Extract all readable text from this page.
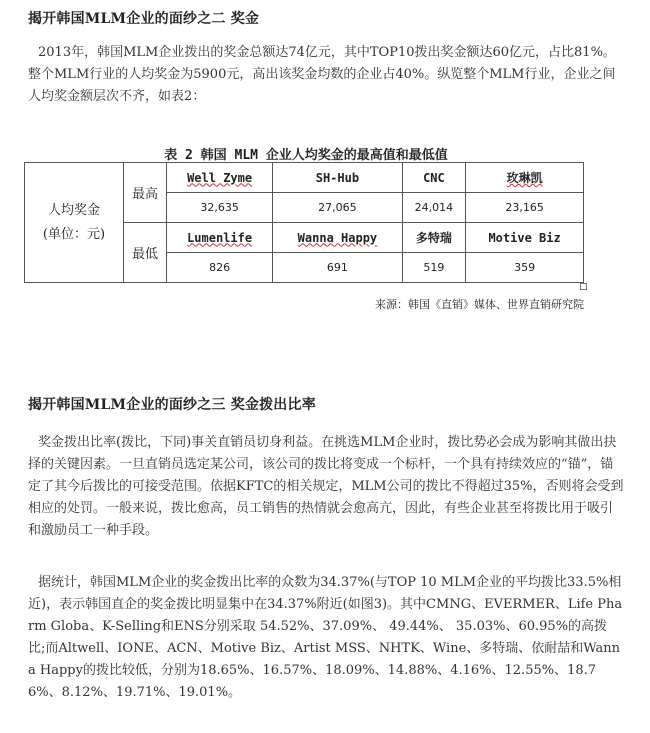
揭开韩国MLM企业的面纱之二 奖金
2013年，韩国MLM企业拨出的奖金总额达74亿元，其中TOP10拨出奖金额达60亿元，占比81%。整个MLM行业的人均奖金为5900元，高出该奖金均数的企业占40%。纵览整个MLM行业，企业之间人均奖金额层次不齐，如表2：
表 2 韩国 MLM 企业人均奖金的最高值和最低值
人均奖金
(单位：元)	最高	Well Zyme	SH-Hub	CNC	玫琳凯
		32,635	27,065	24,014	23,165
	最低	Lumenlife	Wanna Happy	多特瑞	Motive Biz
		826	691	519	359
来源：韩国《直销》媒体、世界直销研究院
揭开韩国MLM企业的面纱之三 奖金拨出比率
奖金拨出比率(拨比，下同)事关直销员切身利益。在挑选MLM企业时，拨比势必会成为影响其做出抉择的关键因素。一旦直销员选定某公司，该公司的拨比将变成一个标杆，一个具有持续效应的“锚”，锚定了其今后拨比的可接受范围。依据KFTC的相关规定，MLM公司的拨比不得超过35%，否则将会受到相应的处罚。一般来说，拨比愈高，员工销售的热情就会愈高亢，因此，有些企业甚至将拨比用于吸引和激励员工一种手段。
据统计，韩国MLM企业的奖金拨出比率的众数为34.37%(与TOP 10 MLM企业的平均拨比33.5%相近)，表示韩国直企的奖金拨比明显集中在34.37%附近(如图3)。其中CMNG、EVERMER、Life Pharm Globa、K-Selling和ENS分别采取 54.52%、37.09%、 49.44%、 35.03%、60.95%的高拨比;而Altwell、IONE、ACN、Motive Biz、Artist MSS、NHTK、Wine、多特瑞、依耐喆和Wanna Happy的拨比较低，分别为18.65%、16.57%、18.09%、14.88%、4.16%、12.55%、18.76%、8.12%、19.71%、19.01%。
